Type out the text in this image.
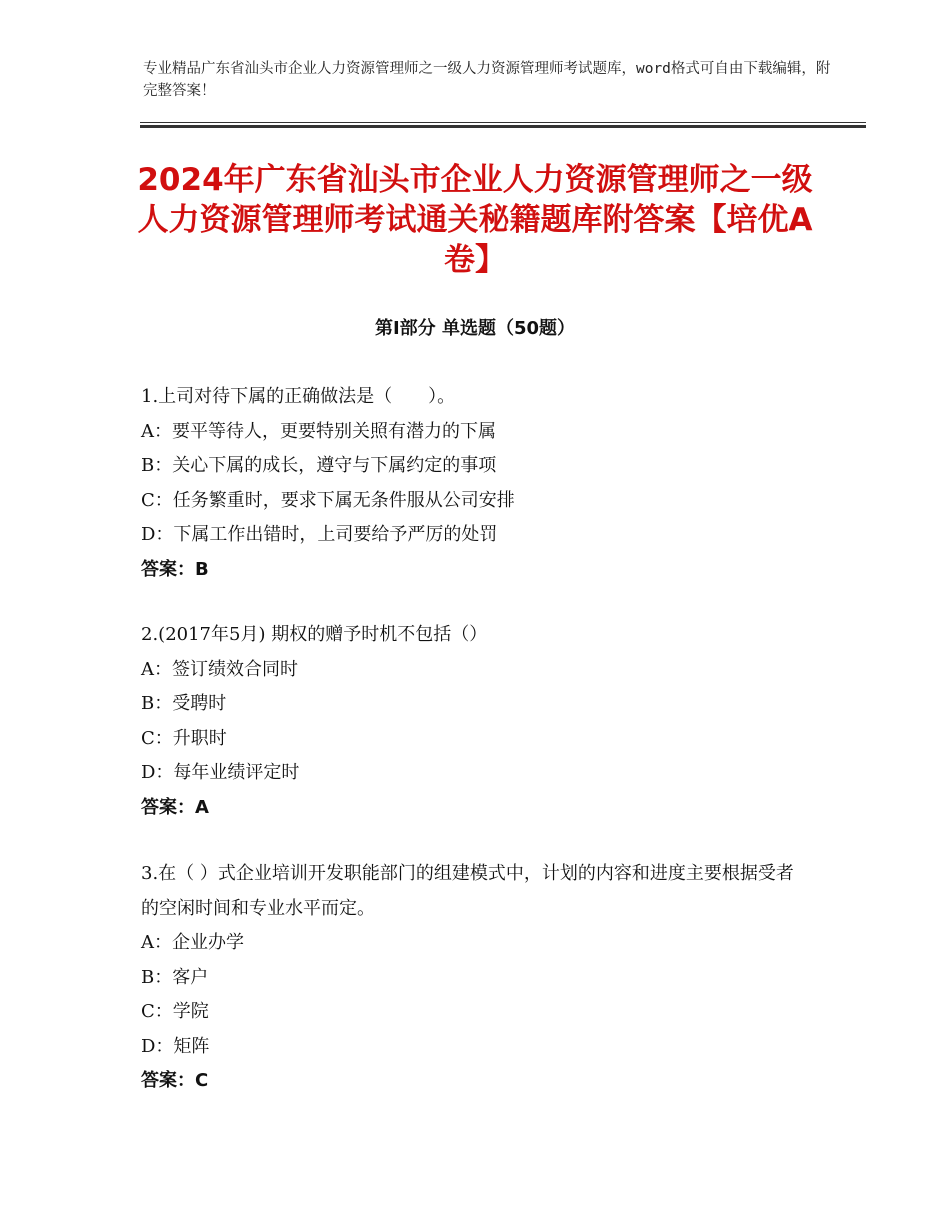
专业精品广东省汕头市企业人力资源管理师之一级人力资源管理师考试题库，word格式可自由下载编辑，附完整答案！
2024年广东省汕头市企业人力资源管理师之一级人力资源管理师考试通关秘籍题库附答案【培优A卷】
第Ⅰ部分 单选题（50题）

1.上司对待下属的正确做法是（　　）。

A：要平等待人，更要特别关照有潜力的下属

B：关心下属的成长，遵守与下属约定的事项

C：任务繁重时，要求下属无条件服从公司安排

D：下属工作出错时，上司要给予严厉的处罚

答案：B

2.(2017年5月) 期权的赠予时机不包括（）

A：签订绩效合同时

B：受聘时

C：升职时

D：每年业绩评定时

答案：A

3.在（ ）式企业培训开发职能部门的组建模式中，计划的内容和进度主要根据受者的空闲时间和专业水平而定。

A：企业办学

B：客户

C：学院

D：矩阵

答案：C
